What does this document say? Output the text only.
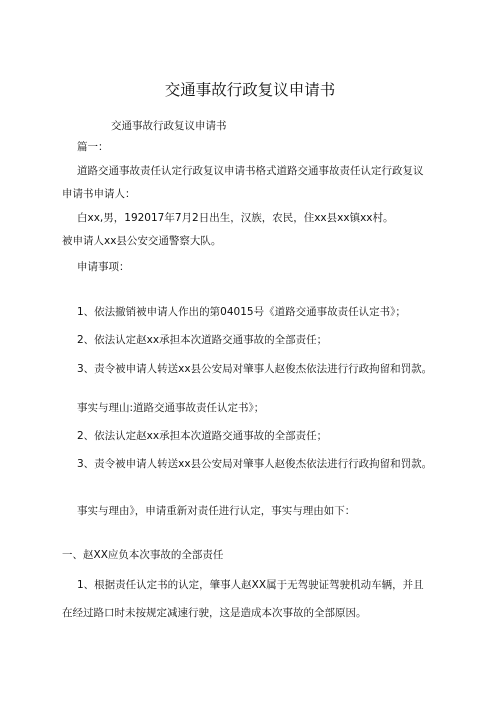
交通事故行政复议申请书
交通事故行政复议申请书
篇一：
道路交通事故责任认定行政复议申请书格式道路交通事故责任认定行政复议
申请书申请人：
白xx,男，192017年7月2日出生，汉族，农民，住xx县xx镇xx村。
被申请人xx县公安交通警察大队。
申请事项：
1、依法撤销被申请人作出的第04015号《道路交通事故责任认定书》；
2、依法认定赵xx承担本次道路交通事故的全部责任；
3、责令被申请人转送xx县公安局对肇事人赵俊杰依法进行行政拘留和罚款。
事实与理山:道路交通事故责任认定书》；
2、依法认定赵xx承担本次道路交通事故的全部责任；
3、责令被申请人转送xx县公安局对肇事人赵俊杰依法进行行政拘留和罚款。
事实与理由》，申请重新对责任进行认定，事实与理由如下：
一、赵XX应负本次事故的全部责任
1、根据责任认定书的认定，肇事人赵XX属于无驾驶证驾驶机动车辆，并且
在经过路口时未按规定减速行驶，这是造成本次事故的全部原因。
